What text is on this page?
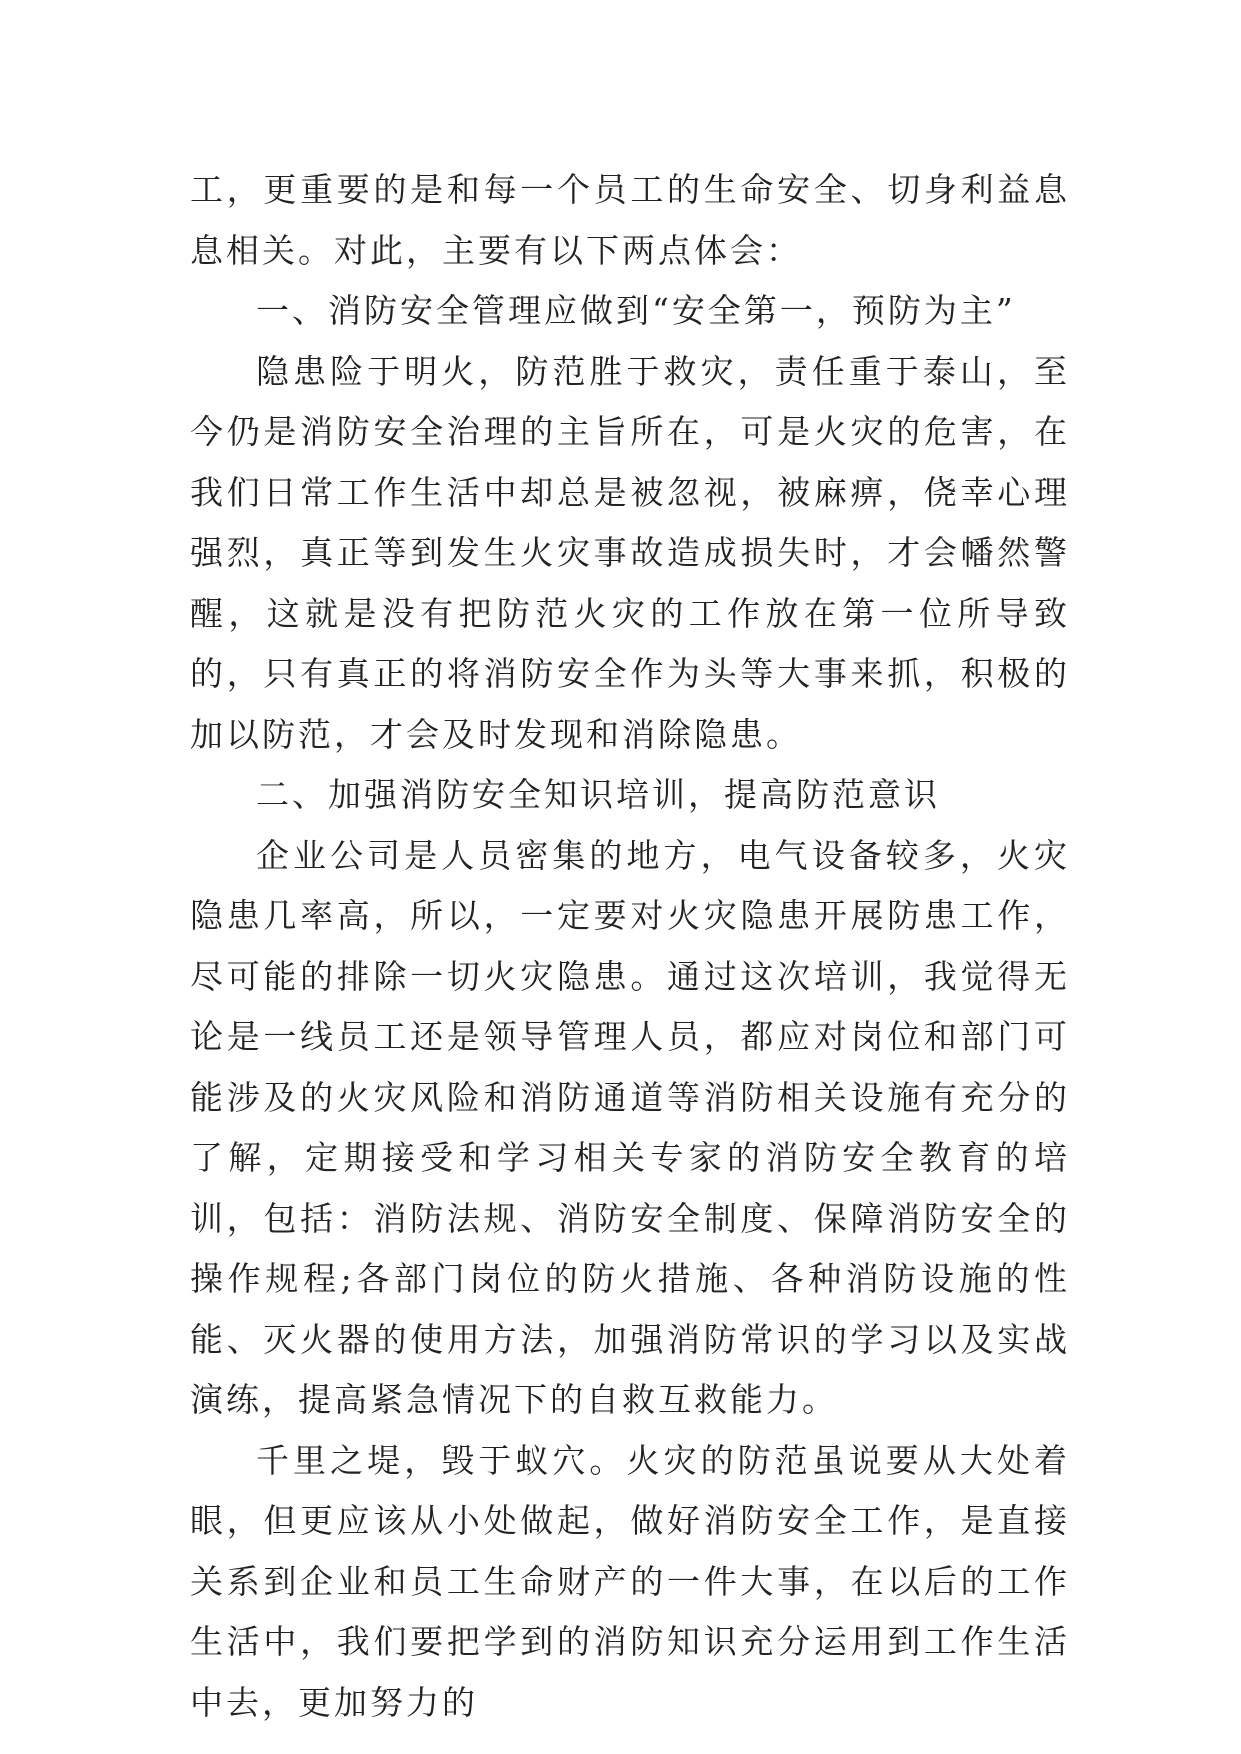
工，更重要的是和每一个员工的生命安全、切身利益息息相关。对此，主要有以下两点体会：

一、消防安全管理应做到“安全第一，预防为主”

隐患险于明火，防范胜于救灾，责任重于泰山，至今仍是消防安全治理的主旨所在，可是火灾的危害，在我们日常工作生活中却总是被忽视，被麻痹，侥幸心理强烈，真正等到发生火灾事故造成损失时，才会幡然警醒，这就是没有把防范火灾的工作放在第一位所导致的，只有真正的将消防安全作为头等大事来抓，积极的加以防范，才会及时发现和消除隐患。

二、加强消防安全知识培训，提高防范意识

企业公司是人员密集的地方，电气设备较多，火灾隐患几率高，所以，一定要对火灾隐患开展防患工作，尽可能的排除一切火灾隐患。通过这次培训，我觉得无论是一线员工还是领导管理人员，都应对岗位和部门可能涉及的火灾风险和消防通道等消防相关设施有充分的了解，定期接受和学习相关专家的消防安全教育的培训，包括：消防法规、消防安全制度、保障消防安全的操作规程;各部门岗位的防火措施、各种消防设施的性能、灭火器的使用方法，加强消防常识的学习以及实战演练，提高紧急情况下的自救互救能力。

千里之堤，毁于蚁穴。火灾的防范虽说要从大处着眼，但更应该从小处做起，做好消防安全工作，是直接关系到企业和员工生命财产的一件大事，在以后的工作生活中，我们要把学到的消防知识充分运用到工作生活中去，更加努力的
